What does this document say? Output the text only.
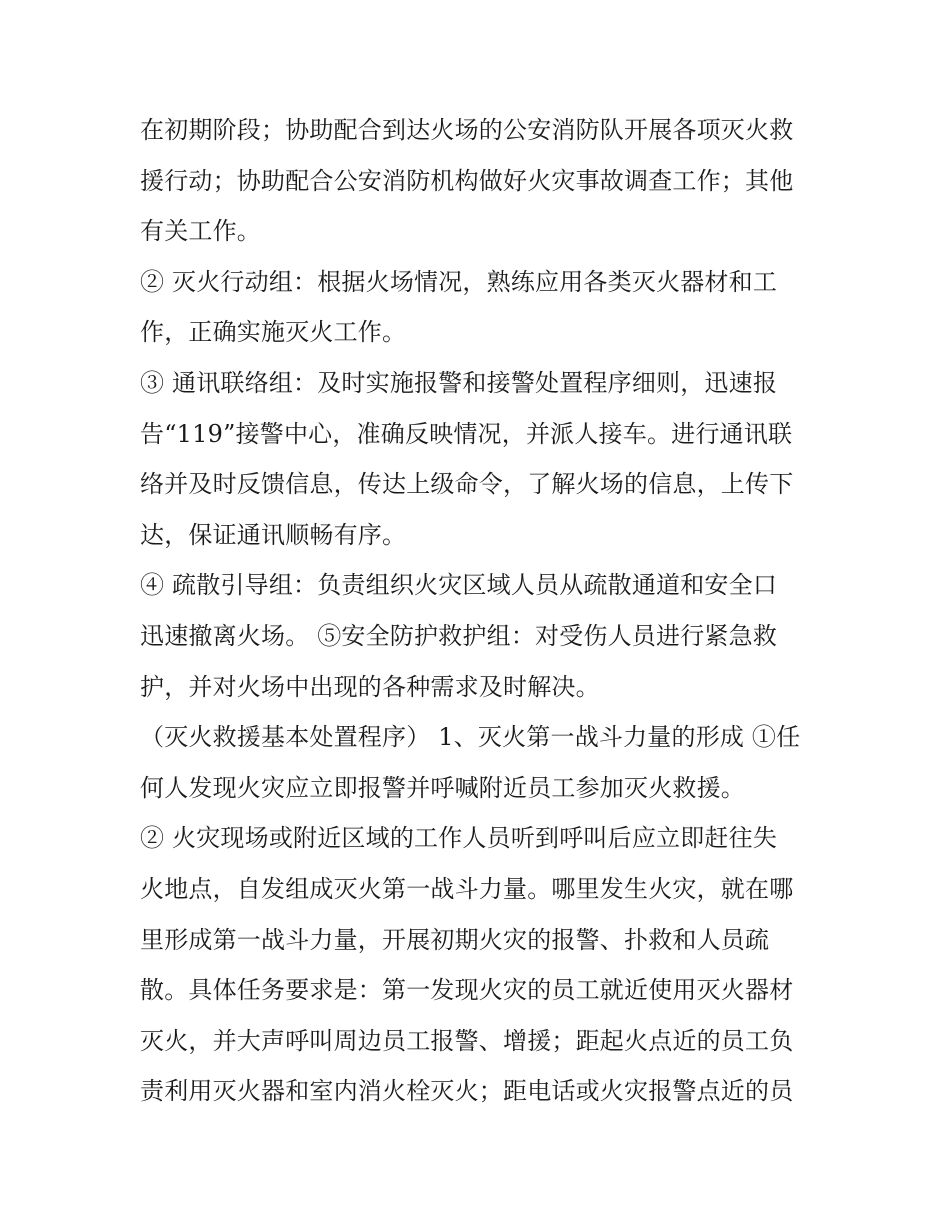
在初期阶段；协助配合到达火场的公安消防队开展各项灭火救
援行动；协助配合公安消防机构做好火灾事故调查工作；其他
有关工作。
② 灭火行动组：根据火场情况，熟练应用各类灭火器材和工
作，正确实施灭火工作。
③ 通讯联络组：及时实施报警和接警处置程序细则，迅速报
告“119”接警中心，准确反映情况，并派人接车。进行通讯联
络并及时反馈信息，传达上级命令，了解火场的信息，上传下
达，保证通讯顺畅有序。
④ 疏散引导组：负责组织火灾区域人员从疏散通道和安全口
迅速撤离火场。 ⑤安全防护救护组：对受伤人员进行紧急救
护，并对火场中出现的各种需求及时解决。
（灭火救援基本处置程序） 1、灭火第一战斗力量的形成 ①任
何人发现火灾应立即报警并呼喊附近员工参加灭火救援。
② 火灾现场或附近区域的工作人员听到呼叫后应立即赶往失
火地点，自发组成灭火第一战斗力量。哪里发生火灾，就在哪
里形成第一战斗力量，开展初期火灾的报警、扑救和人员疏
散。具体任务要求是：第一发现火灾的员工就近使用灭火器材
灭火，并大声呼叫周边员工报警、增援；距起火点近的员工负
责利用灭火器和室内消火栓灭火；距电话或火灾报警点近的员
